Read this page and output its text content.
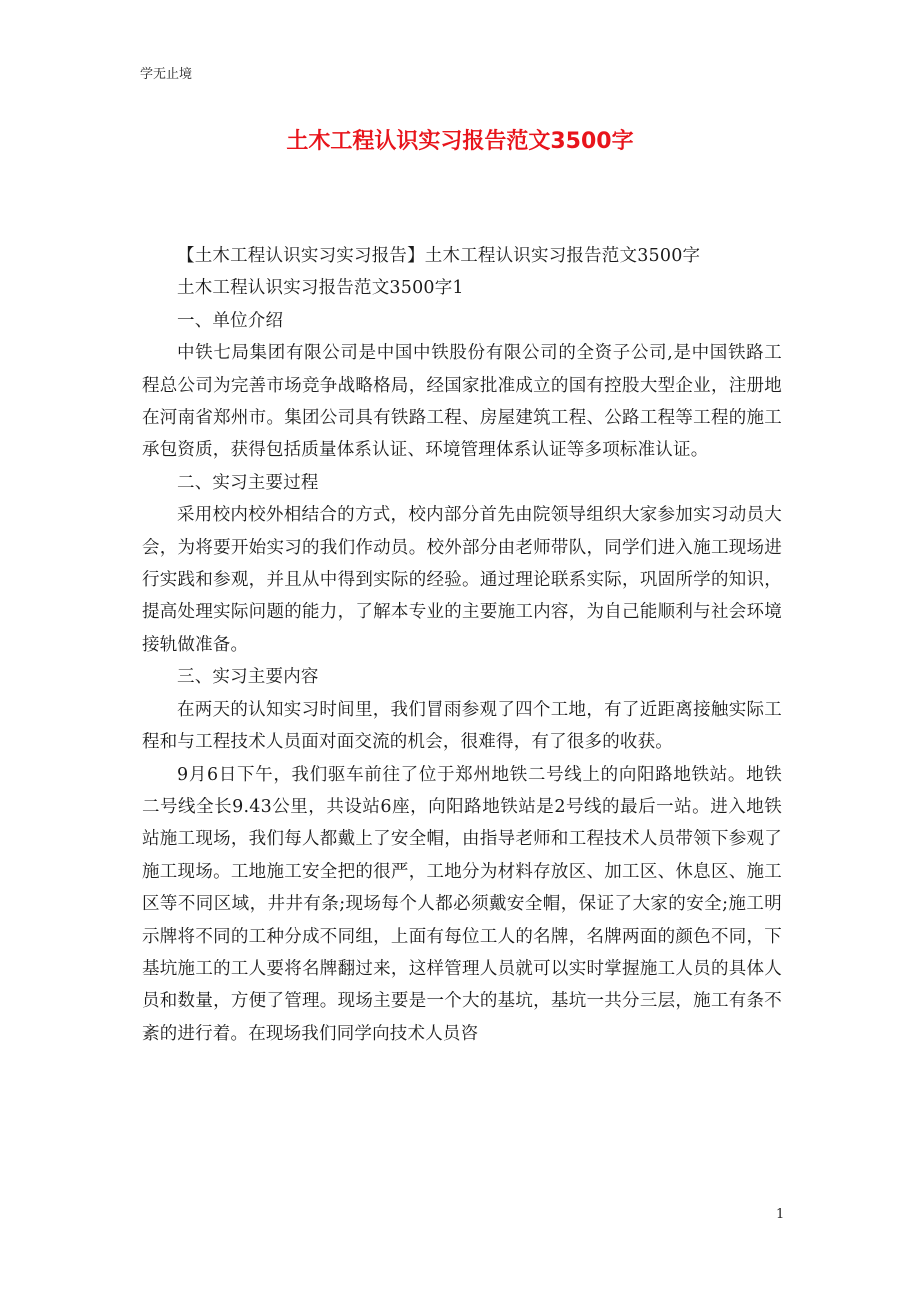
学无止境
土木工程认识实习报告范文3500字

【土木工程认识实习实习报告】土木工程认识实习报告范文3500字

土木工程认识实习报告范文3500字1

一、单位介绍

中铁七局集团有限公司是中国中铁股份有限公司的全资子公司,是中国铁路工程总公司为完善市场竞争战略格局，经国家批准成立的国有控股大型企业，注册地在河南省郑州市。集团公司具有铁路工程、房屋建筑工程、公路工程等工程的施工承包资质，获得包括质量体系认证、环境管理体系认证等多项标准认证。

二、实习主要过程

采用校内校外相结合的方式，校内部分首先由院领导组织大家参加实习动员大会，为将要开始实习的我们作动员。校外部分由老师带队，同学们进入施工现场进行实践和参观，并且从中得到实际的经验。通过理论联系实际，巩固所学的知识，提高处理实际问题的能力，了解本专业的主要施工内容，为自己能顺利与社会环境接轨做准备。

三、实习主要内容

在两天的认知实习时间里，我们冒雨参观了四个工地，有了近距离接触实际工程和与工程技术人员面对面交流的机会，很难得，有了很多的收获。

9月6日下午，我们驱车前往了位于郑州地铁二号线上的向阳路地铁站。地铁二号线全长9.43公里，共设站6座，向阳路地铁站是2号线的最后一站。进入地铁站施工现场，我们每人都戴上了安全帽，由指导老师和工程技术人员带领下参观了施工现场。工地施工安全把的很严，工地分为材料存放区、加工区、休息区、施工区等不同区域，井井有条;现场每个人都必须戴安全帽，保证了大家的安全;施工明示牌将不同的工种分成不同组，上面有每位工人的名牌，名牌两面的颜色不同，下基坑施工的工人要将名牌翻过来，这样管理人员就可以实时掌握施工人员的具体人员和数量，方便了管理。现场主要是一个大的基坑，基坑一共分三层，施工有条不紊的进行着。在现场我们同学向技术人员咨

1
